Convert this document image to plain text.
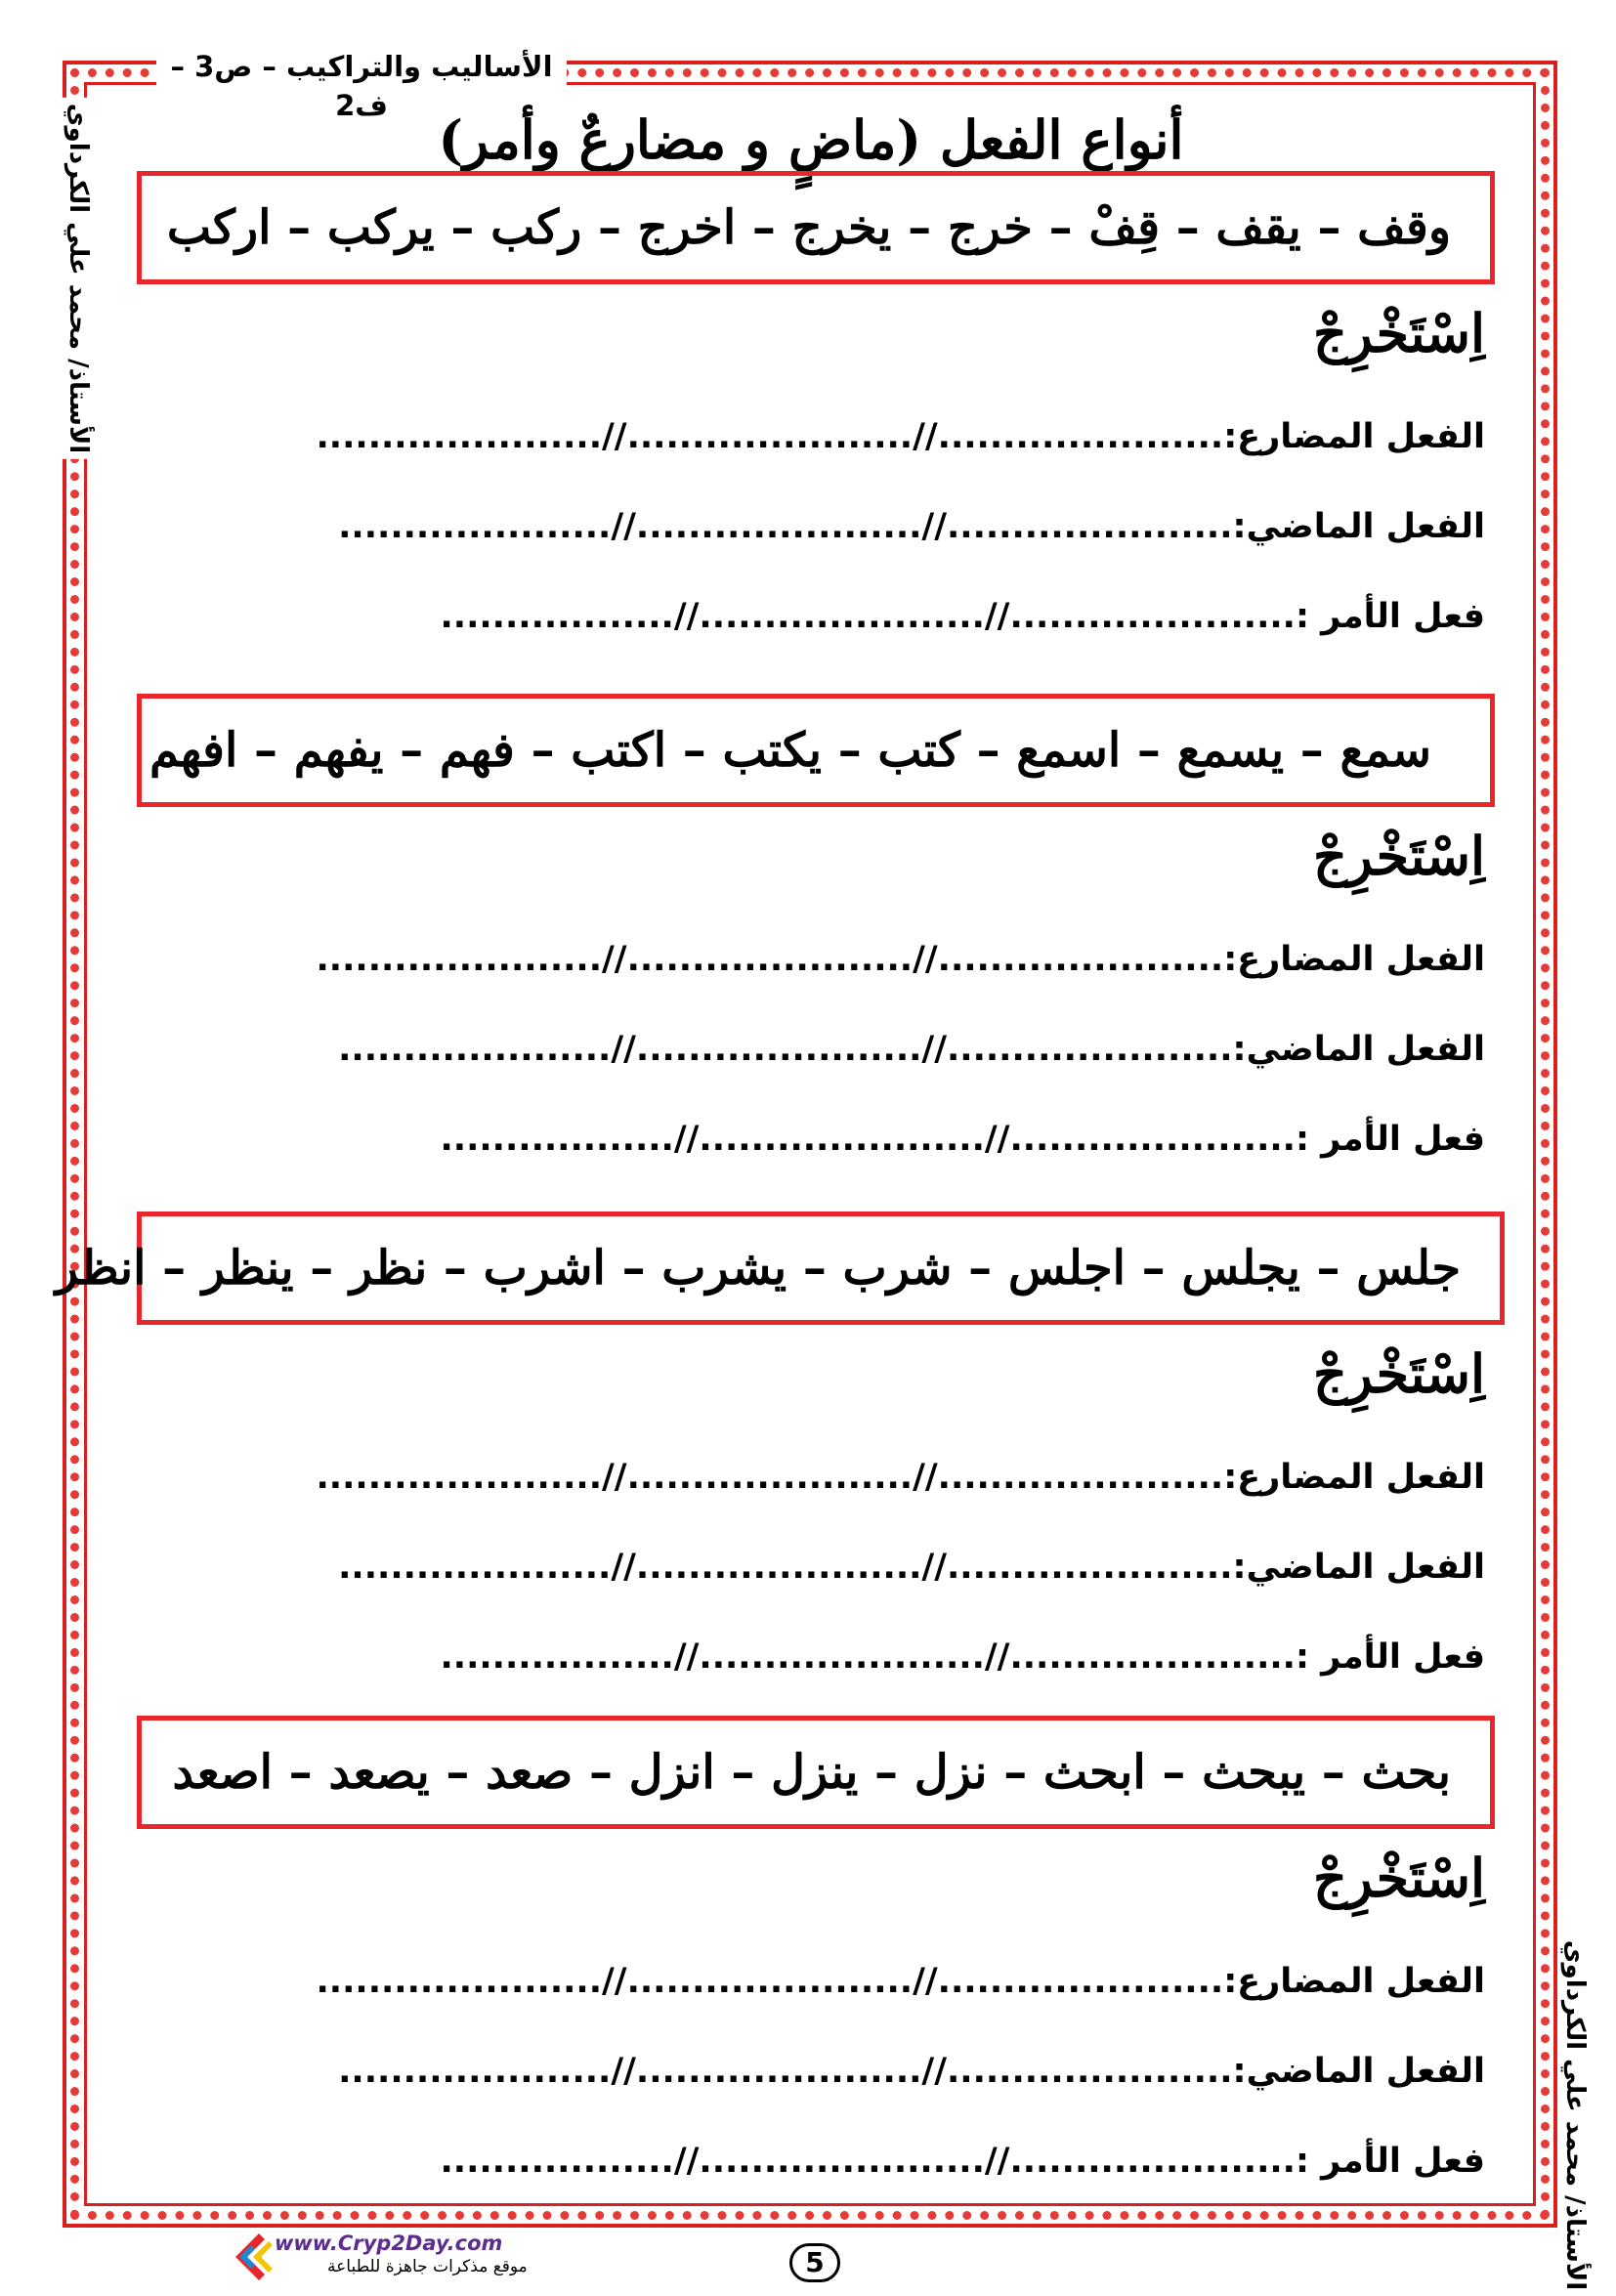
الأساليب والتراكيب – ص3 – ف2
أنواع الفعل (ماضٍ و مضارعٌ وأمر)
الأستاذ/ محمد علي الكرداوي
الأستاذ/ محمد علي الكرداوي
وقف – يقف – قِفْ – خرج – يخرج – اخرج – ركب – يركب – اركب
اِسْتَخْرِجْ
الفعل المضارع:......................//......................//......................
الفعل الماضي:......................//......................//.....................
فعل الأمر :......................//......................//..................
سمع – يسمع – اسمع – كتب – يكتب – اكتب – فهم – يفهم – افهم
اِسْتَخْرِجْ
الفعل المضارع:......................//......................//......................
الفعل الماضي:......................//......................//.....................
فعل الأمر :......................//......................//..................
جلس – يجلس – اجلس – شرب – يشرب – اشرب – نظر – ينظر – انظر
اِسْتَخْرِجْ
الفعل المضارع:......................//......................//......................
الفعل الماضي:......................//......................//.....................
فعل الأمر :......................//......................//..................
بحث – يبحث – ابحث – نزل – ينزل – انزل – صعد – يصعد – اصعد
اِسْتَخْرِجْ
الفعل المضارع:......................//......................//......................
الفعل الماضي:......................//......................//.....................
فعل الأمر :......................//......................//..................
5
www.Cryp2Day.com
موقع مذكرات جاهزة للطباعة
